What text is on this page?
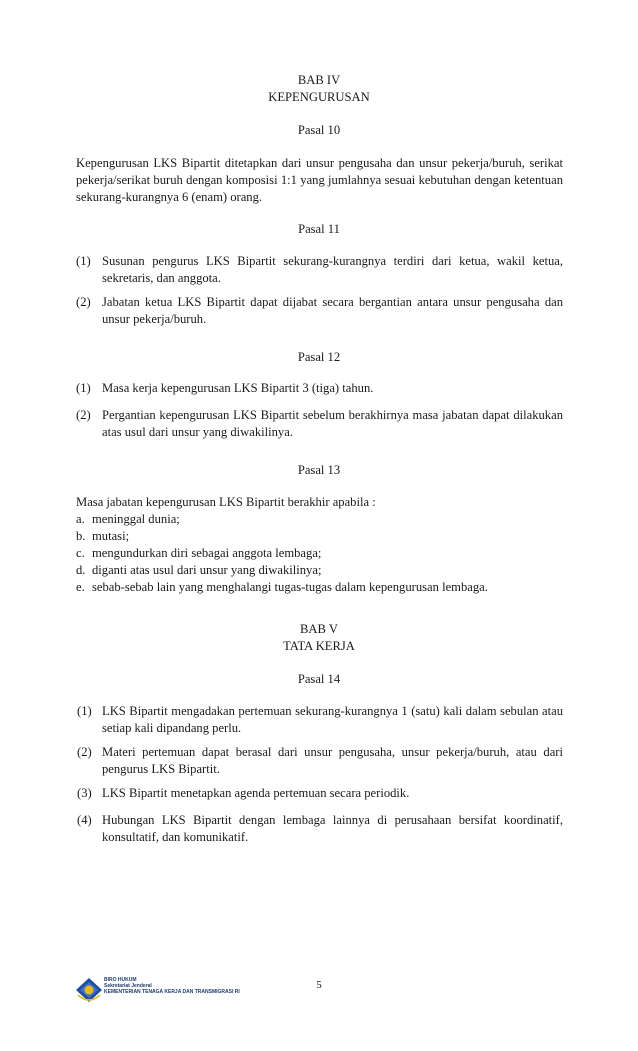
BAB IV
KEPENGURUSAN
Pasal 10
Kepengurusan LKS Bipartit ditetapkan dari unsur pengusaha dan unsur pekerja/buruh, serikat pekerja/serikat buruh dengan komposisi 1:1 yang jumlahnya sesuai kebutuhan dengan ketentuan sekurang-kurangnya 6 (enam) orang.
Pasal 11
(1) Susunan pengurus LKS Bipartit sekurang-kurangnya terdiri dari ketua, wakil ketua, sekretaris, dan anggota.
(2) Jabatan ketua LKS Bipartit dapat dijabat secara bergantian antara unsur pengusaha dan unsur pekerja/buruh.
Pasal 12
(1) Masa kerja kepengurusan LKS Bipartit 3 (tiga) tahun.
(2) Pergantian kepengurusan LKS Bipartit sebelum berakhirnya masa jabatan dapat dilakukan atas usul dari unsur yang diwakilinya.
Pasal 13
Masa jabatan kepengurusan LKS Bipartit berakhir apabila :
a. meninggal dunia;
b. mutasi;
c. mengundurkan diri sebagai anggota lembaga;
d. diganti atas usul dari unsur yang diwakilinya;
e. sebab-sebab lain yang menghalangi tugas-tugas dalam kepengurusan lembaga.
BAB V
TATA KERJA
Pasal 14
(1) LKS Bipartit mengadakan pertemuan sekurang-kurangnya 1 (satu) kali dalam sebulan atau setiap kali dipandang perlu.
(2) Materi pertemuan dapat berasal dari unsur pengusaha, unsur pekerja/buruh, atau dari pengurus LKS Bipartit.
(3) LKS Bipartit menetapkan agenda pertemuan secara periodik.
(4) Hubungan LKS Bipartit dengan lembaga lainnya di perusahaan bersifat koordinatif, konsultatif, dan komunikatif.
BIRO HUKUM
Sekretariat Jenderal
KEMENTERIAN TENAGA KERJA DAN TRANSMIGRASI RI
5
